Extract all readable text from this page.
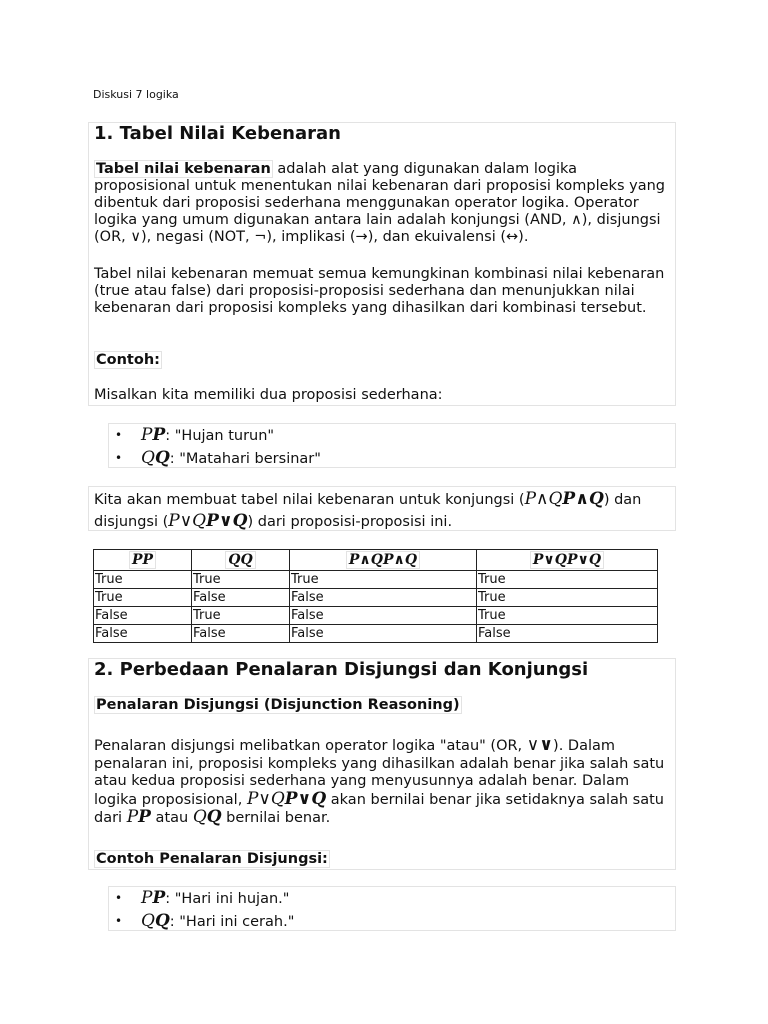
Diskusi 7 logika
1. Tabel Nilai Kebenaran

Tabel nilai kebenaran adalah alat yang digunakan dalam logika proposisional untuk menentukan nilai kebenaran dari proposisi kompleks yang dibentuk dari proposisi sederhana menggunakan operator logika. Operator logika yang umum digunakan antara lain adalah konjungsi (AND, ∧), disjungsi (OR, ∨), negasi (NOT, ¬), implikasi (→), dan ekuivalensi (↔).

Tabel nilai kebenaran memuat semua kemungkinan kombinasi nilai kebenaran (true atau false) dari proposisi-proposisi sederhana dan menunjukkan nilai kebenaran dari proposisi kompleks yang dihasilkan dari kombinasi tersebut.

Contoh:

Misalkan kita memiliki dua proposisi sederhana:

• PP: "Hujan turun"
• QQ: "Matahari bersinar"

Kita akan membuat tabel nilai kebenaran untuk konjungsi (P∧QP∧Q) dan disjungsi (P∨QP∨Q) dari proposisi-proposisi ini.

PP	QQ	P∧QP∧Q	P∨QP∨Q
True	True	True	True
True	False	False	True
False	True	False	True
False	False	False	False
2. Perbedaan Penalaran Disjungsi dan Konjungsi

Penalaran Disjungsi (Disjunction Reasoning)

Penalaran disjungsi melibatkan operator logika "atau" (OR, ∨∨). Dalam penalaran ini, proposisi kompleks yang dihasilkan adalah benar jika salah satu atau kedua proposisi sederhana yang menyusunnya adalah benar. Dalam logika proposisional, P∨QP∨Q akan bernilai benar jika setidaknya salah satu dari PP atau QQ bernilai benar.

Contoh Penalaran Disjungsi:

• PP: "Hari ini hujan."
• QQ: "Hari ini cerah."
